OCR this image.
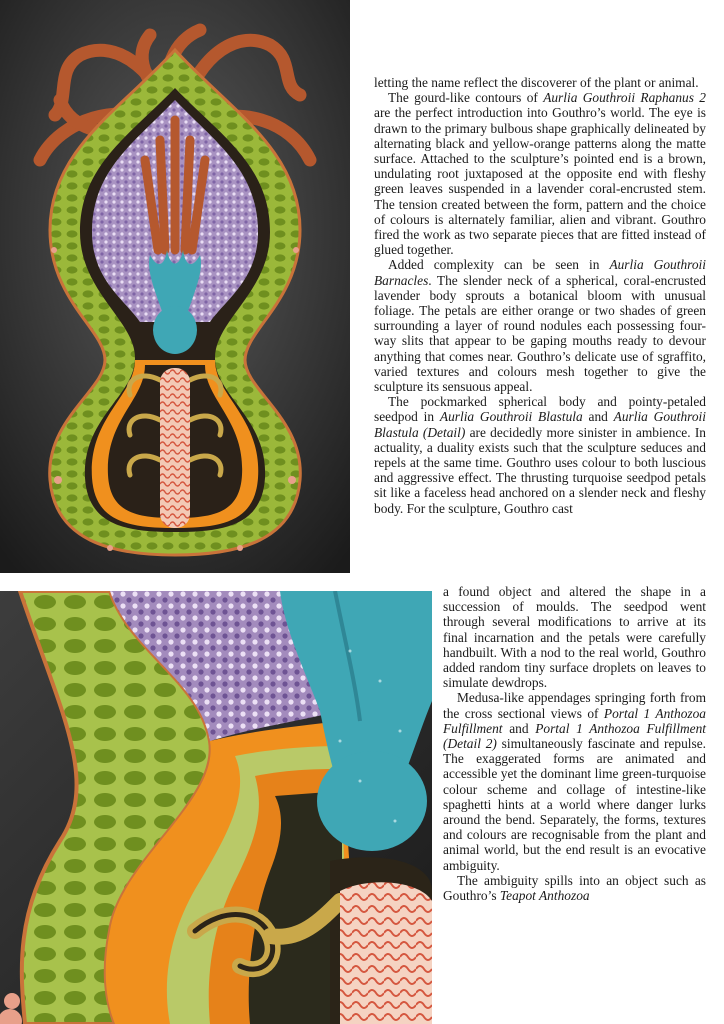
letting the name reflect the discoverer of the plant or animal.

The gourd-like contours of Aurlia Gouthroii Raphanus 2 are the perfect introduction into Gouthro’s world. The eye is drawn to the primary bulbous shape graphically delineated by alternating black and yellow-orange patterns along the matte surface. Attached to the sculpture’s pointed end is a brown, undulating root juxtaposed at the opposite end with fleshy green leaves suspended in a lavender coral-encrusted stem. The tension created between the form, pattern and the choice of colours is alternately familiar, alien and vibrant. Gouthro fired the work as two separate pieces that are fitted instead of glued together.

Added complexity can be seen in Aurlia Gouthroii Barnacles. The slender neck of a spherical, coral-encrusted lavender body sprouts a botanical bloom with unusual foliage. The petals are either orange or two shades of green surrounding a layer of round nodules each possessing four-way slits that appear to be gaping mouths ready to devour anything that comes near. Gouthro’s delicate use of sgraffito, varied textures and colours mesh together to give the sculpture its sensuous appeal.

The pockmarked spherical body and pointy-petaled seedpod in Aurlia Gouthroii Blastula and Aurlia Gouthroii Blastula (Detail) are decidedly more sinister in ambience. In actuality, a duality exists such that the sculpture seduces and repels at the same time. Gouthro uses colour to both luscious and aggressive effect. The thrusting turquoise seedpod petals sit like a faceless head anchored on a slender neck and fleshy body. For the sculpture, Gouthro cast

a found object and altered the shape in a succession of moulds. The seedpod went through several modifications to arrive at its final incarnation and the petals were carefully handbuilt. With a nod to the real world, Gouthro added random tiny surface droplets on leaves to simulate dewdrops.

Medusa-like appendages springing forth from the cross sectional views of Portal 1 Anthozoa Fulfillment and Portal 1 Anthozoa Fulfillment (Detail 2) simultaneously fascinate and repulse. The exaggerated forms are animated and accessible yet the dominant lime green-turquoise colour scheme and collage of intestine-like spaghetti hints at a world where danger lurks around the bend. Separately, the forms, textures and colours are recognisable from the plant and animal world, but the end result is an evocative ambiguity.

The ambiguity spills into an object such as Gouthro’s Teapot Anthozoa
